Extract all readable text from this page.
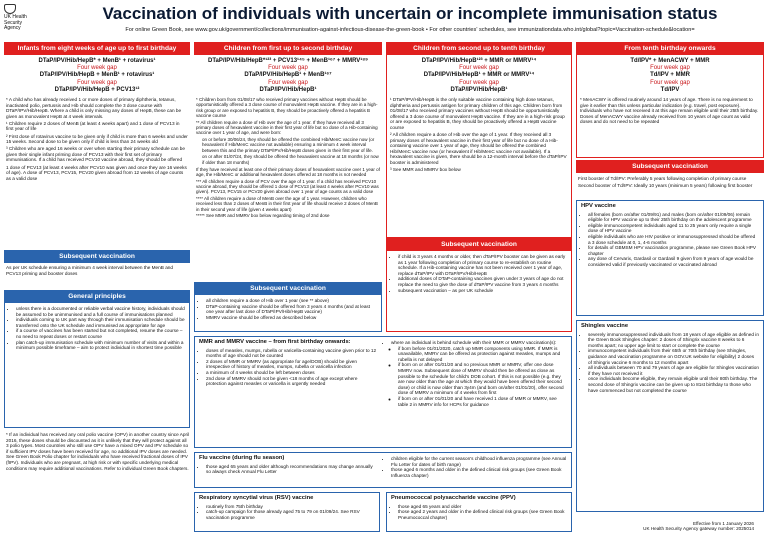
UK Health
Security
Agency
Vaccination of individuals with uncertain or incomplete immunisation status
For online Green Book, see www.gov.uk/government/collections/immunisation-against-infectious-disease-the-green-book • For other countries' schedules, see immunizationdata.who.int/global?topic=Vaccination-schedule&location=
Infants from eight weeks of age up to first birthday
DTaP/IPV/Hib/HepB* + MenB¹ + rotavirus¹
Four week gap
DTaP/IPV/Hib/HepB + MenB¹ + rotavirus¹
Four week gap
DTaP/IPV/Hib/HepB + PCV13¹²

* A child who has already received 1 or more doses of primary diphtheria, tetanus, inactivated polio, pertussis and Hib should complete the 3 dose course with DTaP/IPV/Hib/HepB. Where a child is only missing any doses of HepB, these can be given as monovalent HepB at 4 week intervals.

¹ Children require 2 doses of MenB (at least 4 weeks apart) and 1 dose of PCV13 in first year of life

² First dose of rotavirus vaccine to be given only if child is more than 6 weeks and under 15 weeks. Second dose to be given only if child is less than 24 weeks old

³ Children who are aged 16 weeks or over when starting their primary schedule can be given their single infant priming dose of PCV13 with their first set of primary immunisations. If a child has received PCV10 vaccine abroad, they should be offered

1 dose of PCV13 (at least 4 weeks after PCV10 was given and once they are 16 weeks of age). A dose of PCV13, PCV15, PCV20 given abroad from 12 weeks of age counts as a valid dose

Subsequent vaccination
As per UK schedule ensuring a minimum 4 week interval between the MenB and PCV13 priming and booster doses
General principles
• unless there is a documented or reliable verbal vaccine history, individuals should be assumed to be unimmunised and a full course of immunisations planned
• individuals coming to UK part way through their immunisation schedule should be transferred onto the UK schedule and immunised as appropriate for age
• if a course of vaccines has been started but not completed, resume the course – no need to repeat doses or restart course
• plan catch-up immunisation schedule with minimum number of visits and within a minimum possible timeframe – aim to protect individual in shortest time possible
* If an individual has received any oral polio vaccine (OPV) in another country since April 2016, these doses should be discounted as it is unlikely that they will protect against all 3 polio types. Most countries who still use OPV have a mixed OPV and IPV schedule so if sufficient IPV doses have been received for age, no additional IPV doses are needed. See Green Book Polio chapter for individuals who have received fractional doses of IPV (fIPV). Individuals who are pregnant, at high risk or with specific underlying medical conditions may require additional vaccinations. Refer to individual Green Book chapters.
Children from first up to second birthday
DTaP/IPV/Hib/HepB*¹²³ + PCV13¹⁴⁵ + MenB¹⁶⁷ + MMRV¹⁸⁹
Four week gap
DTaP/IPV/Hib/HepB¹ + MenB¹⁶⁷
Four week gap
DTaP/IPV/Hib/HepB¹

* Children born from 01/08/17 who received primary vaccines without HepB should be opportunistically offered a 3 dose course of monovalent HepB vaccine. If they are in a high-risk group or are exposed to hepatitis B, they should be proactively offered a hepatitis B vaccine course

** All children require a dose of Hib over the age of 1 year. If they have received all 3 primary doses of hexavalent vaccine in their first year of life but no dose of a Hib-containing vaccine over 1 year of age, and were born:

on or before 30/06/24, they should be offered the combined Hib/MenC vaccine now (or hexavalent if Hib/MenC vaccine not available) ensuring a minimum 4 week interval between this and the primary DTaP/IPV/Hib/HepB doses given in their first year of life.

on or after 01/07/24, they should be offered the hexavalent vaccine at 18 months (or now if older than 18 months)

If they have received at least one of their primary doses of hexavalent vaccine over 1 year of age, the Hib/MenC or additional hexavalent doses offered at 18 months is not needed

*** All children require a dose of PCV over the age of 1 year. If a child has received PCV10 vaccine abroad, they should be offered 1 dose of PCV13 (at least 4 weeks after PCV10 was given). PCV13, PCV15 or PCV20 given abroad over 1 year of age counts as a valid dose

**** All children require a dose of MenB over the age of 1 year. However, children who received less than 2 doses of MenB in their first year of life should receive 2 doses of MenB in their second year of life (given 4 weeks apart)

***** See MMR and MMRV box below regarding timing of 2nd dose

Subsequent vaccination
• all children require a dose of Hib over 1 year (see ** above)
• DTaP-containing vaccine should be offered from 3 years 4 months (and at least one year after last dose of DTaP/IPV/Hib/HepB vaccine)
• MMRV vaccine should be offered as described below
Children from second up to tenth birthday
DTaP/IPV/Hib/HepB¹²³ + MMR or MMRV¹⁴
Four week gap
DTaP/IPV/Hib/HepB¹ + MMR or MMRV¹⁴
Four week gap
DTaP/IPV/Hib/HepB¹

¹ DTaP/IPV/Hib/HepB is the only suitable vaccine containing high dose tetanus, diphtheria and pertussis antigen for primary children of this age. Children born from 01/08/17 who received primary vaccines without HepB should be opportunistically offered a 3 dose course of monovalent HepB vaccine. If they are in a high-risk group or are exposed to hepatitis B, they should be proactively offered a HepB vaccine course

² All children require a dose of Hib over the age of 1 year. If they received all 3 primary doses of hexavalent vaccine in their first year of life but no dose of a Hib-containing vaccine over 1 year of age, they should be offered the combined Hib/MenC vaccine now (or hexavalent if Hib/MenC vaccine not available). If a hexavalent vaccine is given, there should be a 12-month interval before the dTaP/IPV booster is administered

³ See MMR and MMRV box below

Subsequent vaccination
• if child is 3 years 4 months or older, then dTaP/IPV booster can be given as early as 1 year following completion of primary course to re-establish on routine schedule. If a Hib-containing vaccine has not been received over 1 year of age, replace dTaP/IPV with DTaP/IPV/Hib/HepB
• additional doses of DTaP-containing vaccines given under 3 years of age do not replace the need to give the dose of dTaP/IPV vaccine from 3 years 4 months
• subsequent vaccination – as per UK schedule
MMR and MMRV vaccine – from first birthday onwards:
• doses of measles, mumps, rubella or varicella-containing vaccine given prior to 12 months of age should not be counted
• 2 doses of MMR or MMRV (as appropriate for age/DOB) should be given irrespective of history of measles, mumps, rubella or varicella infection
• a minimum of 4 weeks should be left between doses
• 2nd dose of MMRV should not be given <18 months of age except where protection against measles or varicella is urgently needed
• where an individual is behind schedule with their MMR or MMRV vaccination(s):
◦ if born before 01/01/2020, catch up MMR components using MMR. If MMR is unavailable, MMRV can be offered as protection against measles, mumps and rubella is not delayed
◦ if born on or after 01/01/20 and no previous MMR or MMRV, offer one dose MMRV now. Subsequent dose of MMRV should then be offered as close as possible to the schedule for child's DOB cohort. If this is not possible (e.g. they are now older than the age at which they would have been offered their second dose) or child is now older than 3y4m (and born on/after 01/01/20), offer second dose of MMRV a minimum of 4 weeks from first
◦ if born on or after 01/01/20 and have received 1 dose of MMR or MMRV, see table 2 in MMRV info for HCPs for guidance
Flu vaccine (during flu season)
• those aged 65 years and older although recommendations may change annually so always check Annual Flu Letter
• children eligible for the current season's childhood influenza programme (see Annual Flu Letter for dates of birth range)
• those aged 6 months and older in the defined clinical risk groups (see Green Book Influenza chapter)
Respiratory syncytial virus (RSV) vaccine
• routinely from 75th birthday
• catch-up campaign for those already aged 75 to 79 on 01/09/24. See RSV vaccination programme
Pneumococcal polysaccharide vaccine (PPV)
• those aged 65 years and older
• those aged 2 years and older in the defined clinical risk groups (see Green Book Pneumococcal chapter)
From tenth birthday onwards
Td/IPV* + MenACWY + MMR
Four week gap
Td/IPV + MMR
Four week gap
Td/IPV

* MenACWY is offered routinely around 14 years of age. There is no requirement to give it earlier than this unless particular indication (e.g. travel, post exposure). Individuals who have not received it at this age remain eligible until their 25th birthday. Doses of MenACWY vaccine already received from 10 years of age count as valid doses and do not need to be repeated

Subsequent vaccination

First booster of Td/IPV: Preferably 5 years following completion of primary course

Second booster of Td/IPV: Ideally 10 years (minimum 5 years) following first booster

HPV vaccine
• all females (born on/after 01/09/91) and males (born on/after 01/09/06) remain eligible for HPV vaccine up to their 25th birthday on the adolescent programme
• eligible immunocompetent individuals aged 11 to 25 years only require a single dose of HPV vaccine
• eligible individuals who are HIV positive or immunosuppressed should be offered a 3 dose schedule at 0, 1, 4-6 months
• for details of GBMSM HPV vaccination programme, please see Green Book HPV chapter
• any dose of Cervarix, Gardasil or Gardasil 9 given from 9 years of age would be considered valid if previously vaccinated or vaccinated abroad
Shingles vaccine
• severely immunosuppressed individuals from 18 years of age eligible as defined in the Green Book Shingles chapter: 2 doses of Shingrix vaccine 8 weeks to 6 months apart; no upper age limit to start or complete the course
• immunocompetent individuals from their 65th or 70th birthday (see Shingles, guidance and vaccination programme on GOV.UK website for eligibility) 2 doses of Shingrix vaccine 6 months to 12 months apart
• all individuals between 70 and 79 years of age are eligible for Shingles vaccination if they have not received it
• once individuals become eligible, they remain eligible until their 80th birthday. The second dose of Shingrix vaccine can be given up to 81st birthday to those who have commenced but not completed the course
Effective from 1 January 2026
UK Health Security Agency gateway number: 2025014
